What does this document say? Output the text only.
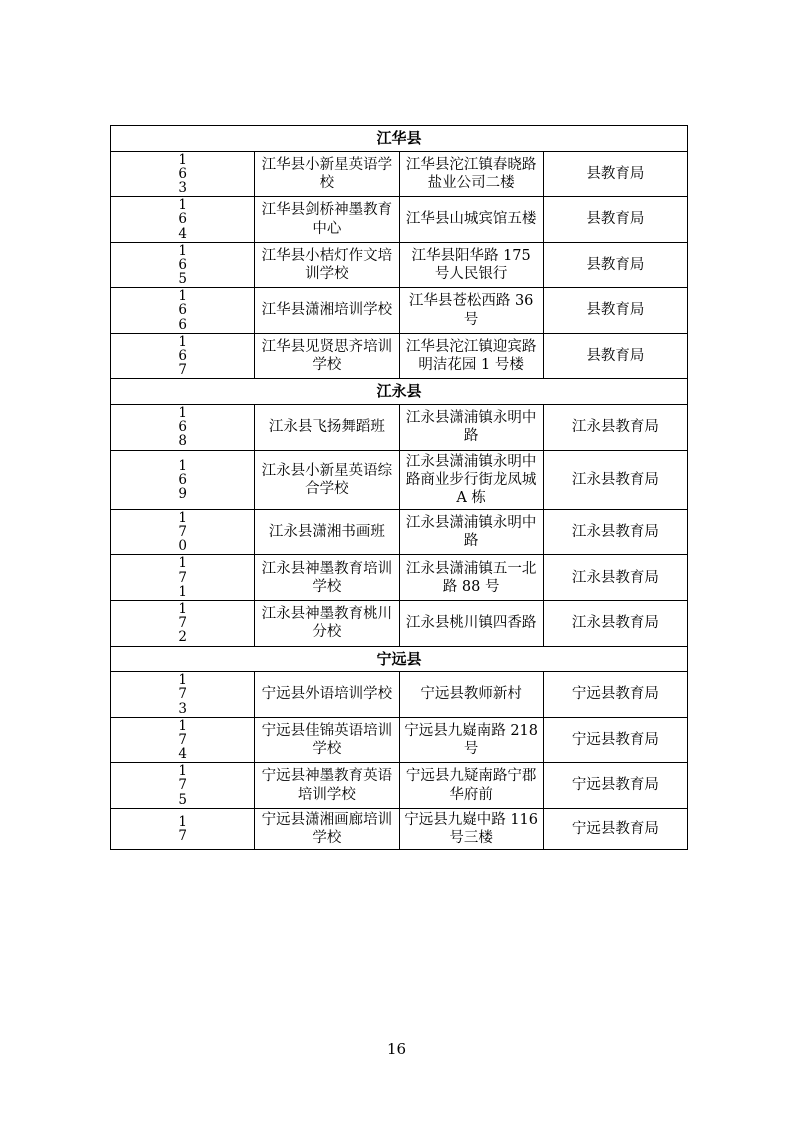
江华县			

1
6
3	江华县小新星英语学校	江华县沱江镇春晓路盐业公司二楼	县教育局

1
6
4	江华县剑桥神墨教育中心	江华县山城宾馆五楼	县教育局

1
6
5	江华县小桔灯作文培训学校	江华县阳华路 175 号人民银行	县教育局

1
6
6	江华县潇湘培训学校	江华县苍松西路 36 号	县教育局

1
6
7	江华县见贤思齐培训学校	江华县沱江镇迎宾路明洁花园 1 号楼	县教育局
江永县			

1
6
8	江永县飞扬舞蹈班	江永县潇浦镇永明中路	江永县教育局

1
6
9	江永县小新星英语综合学校	江永县潇浦镇永明中路商业步行街龙凤城 A 栋	江永县教育局

1
7
0	江永县潇湘书画班	江永县潇浦镇永明中路	江永县教育局

1
7
1	江永县神墨教育培训学校	江永县潇浦镇五一北路 88 号	江永县教育局

1
7
2	江永县神墨教育桃川分校	江永县桃川镇四香路	江永县教育局
宁远县			

1
7
3	宁远县外语培训学校	宁远县教师新村	宁远县教育局

1
7
4	宁远县佳锦英语培训学校	宁远县九嶷南路 218 号	宁远县教育局

1
7
5	宁远县神墨教育英语培训学校	宁远县九疑南路宁郡华府前	宁远县教育局

1
7	宁远县潇湘画廊培训学校	宁远县九嶷中路 116 号三楼	宁远县教育局
16
